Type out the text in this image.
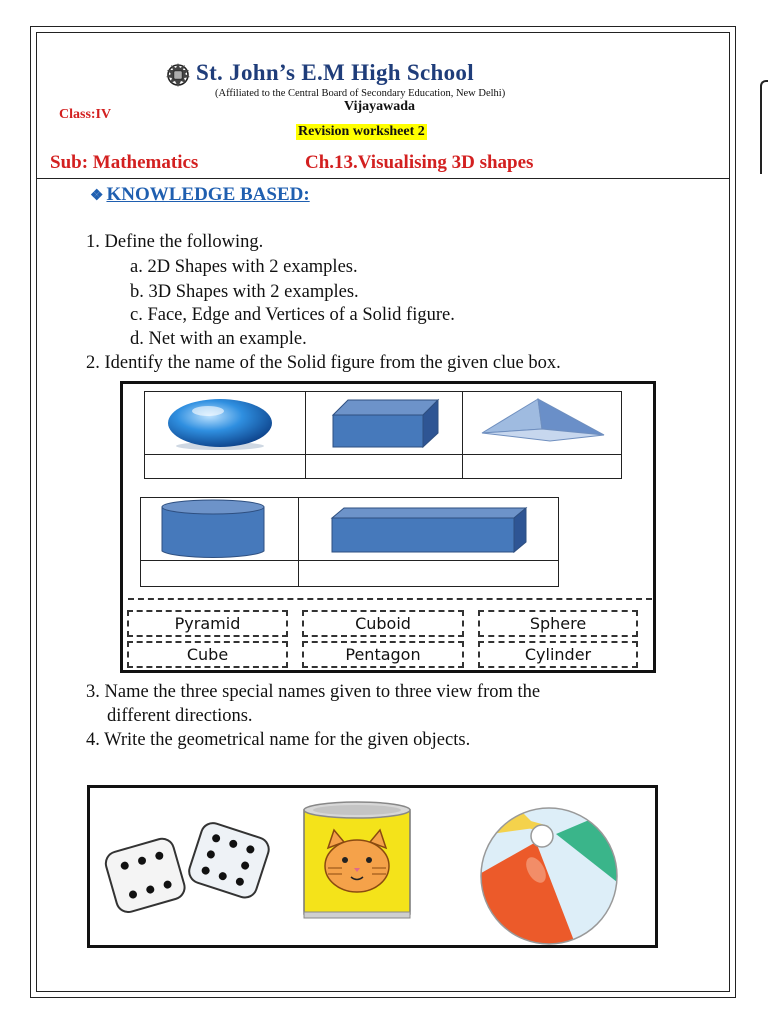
St. John’s E.M High School
(Affiliated to the Central Board of Secondary Education, New Delhi)
Vijayawada
Class:IV
Revision worksheet 2
Sub: Mathematics	Ch.13.Visualising 3D shapes
❖ KNOWLEDGE BASED:
1. Define the following.
a. 2D Shapes with 2 examples.
b. 3D Shapes with 2 examples.
c. Face, Edge and Vertices of a Solid figure.
d. Net with an example.
2. Identify the name of the Solid figure from the given clue box.
Pyramid	Cuboid	Sphere
Cube	Pentagon	Cylinder
3. Name the three special names given to three view from the
different directions.
4. Write the geometrical name for the given objects.
